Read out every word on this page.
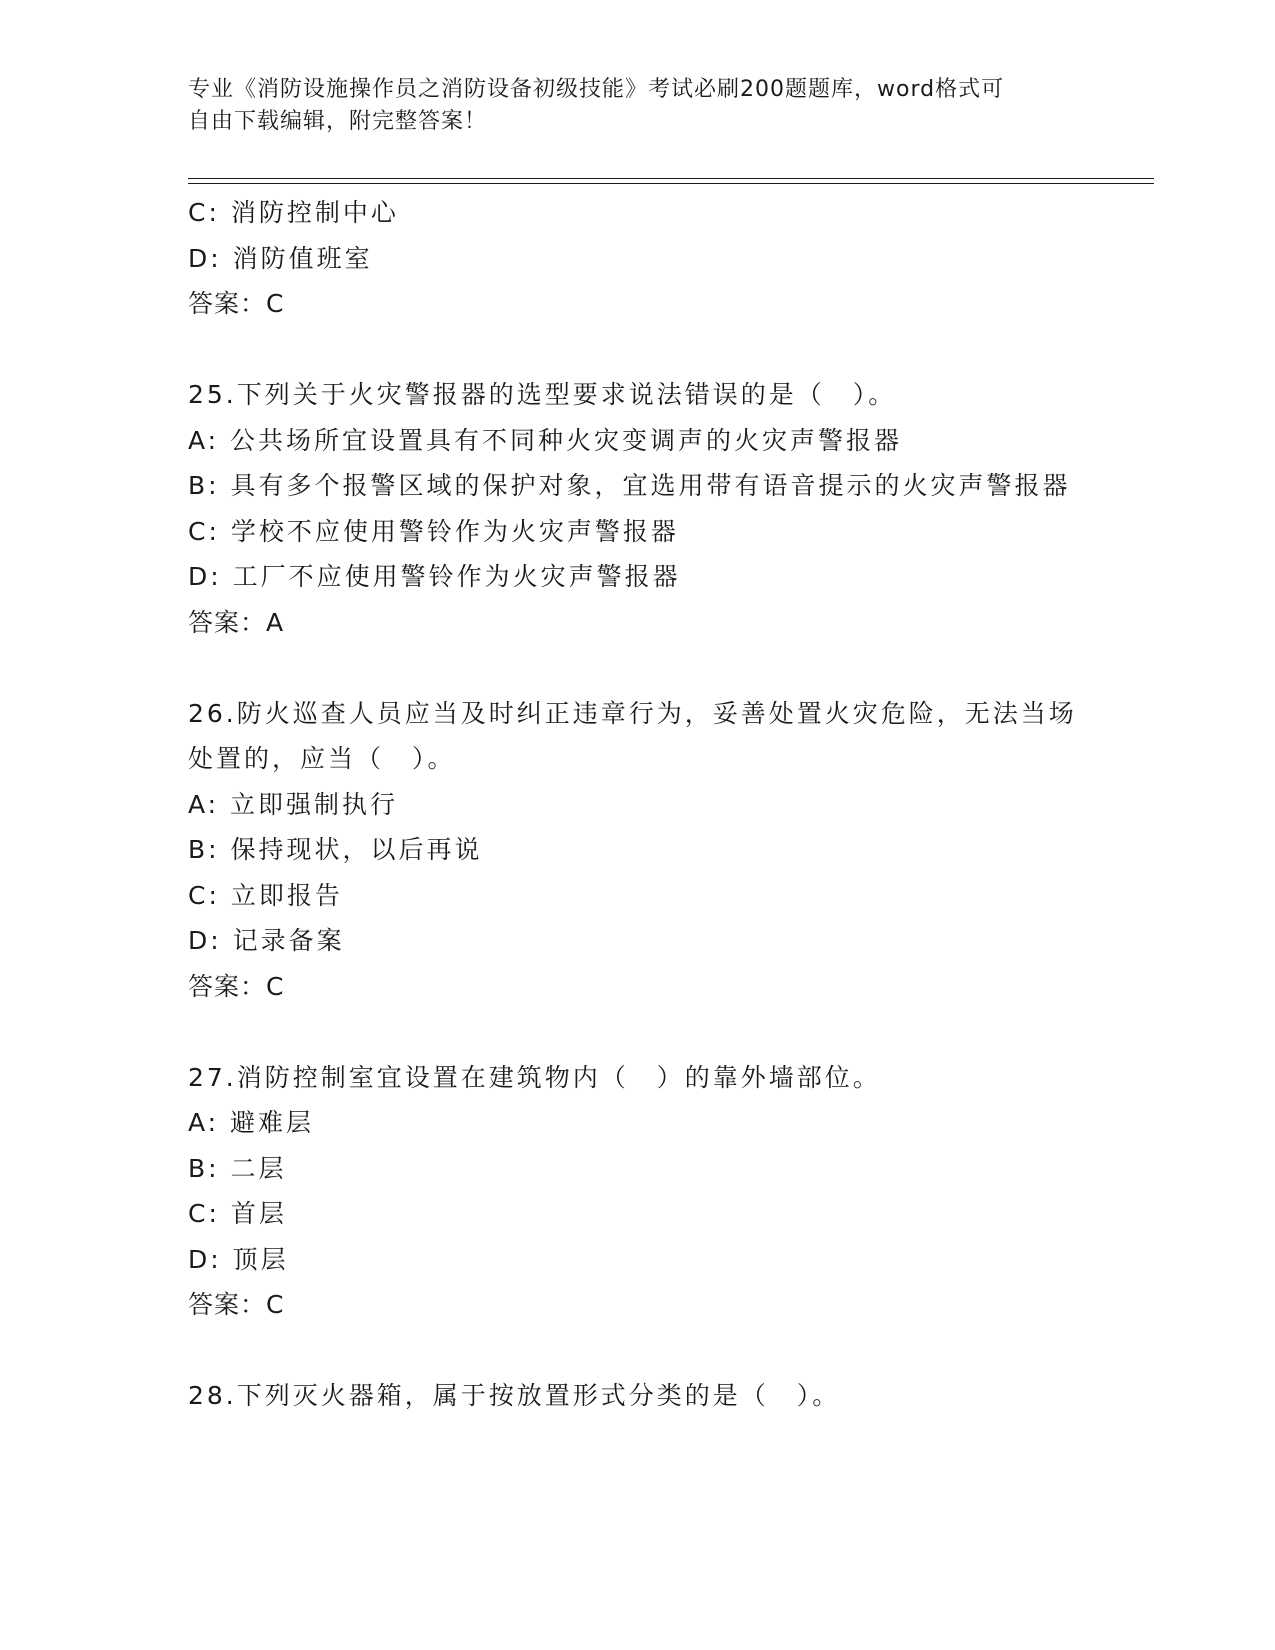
专业《消防设施操作员之消防设备初级技能》考试必刷200题题库，word格式可
自由下载编辑，附完整答案！
C: 消防控制中心
D: 消防值班室
答案：C
25.下列关于火灾警报器的选型要求说法错误的是（　）。
A: 公共场所宜设置具有不同种火灾变调声的火灾声警报器
B: 具有多个报警区域的保护对象，宜选用带有语音提示的火灾声警报器
C: 学校不应使用警铃作为火灾声警报器
D: 工厂不应使用警铃作为火灾声警报器
答案：A
26.防火巡查人员应当及时纠正违章行为，妥善处置火灾危险，无法当场处置的，应当（　）。
A: 立即强制执行
B: 保持现状，以后再说
C: 立即报告
D: 记录备案
答案：C
27.消防控制室宜设置在建筑物内（　）的靠外墙部位。
A: 避难层
B: 二层
C: 首层
D: 顶层
答案：C
28.下列灭火器箱，属于按放置形式分类的是（　）。
